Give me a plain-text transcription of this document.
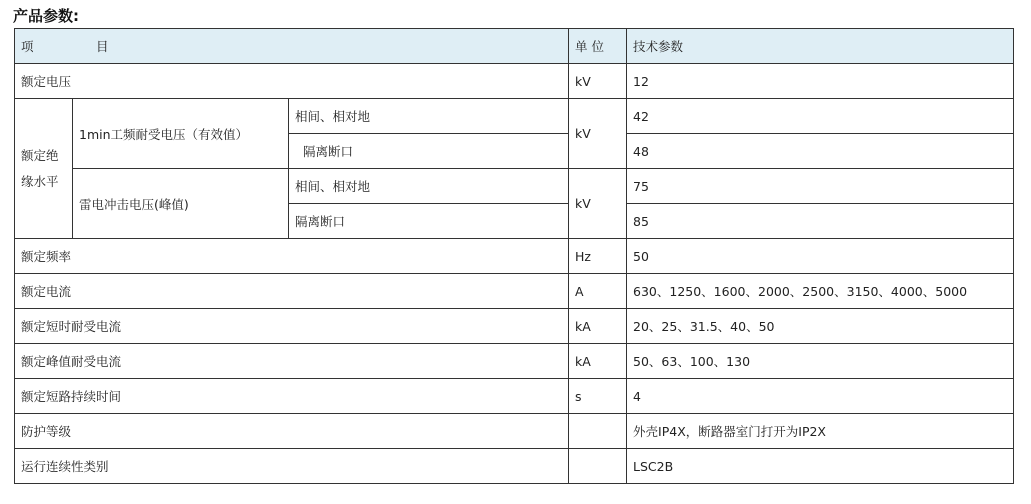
产品参数:
项　　　　　目			单 位	技术参数
额定电压			kV	12
额定绝
缘水平	1min工频耐受电压（有效值）	相间、相对地	kV	42
		隔离断口		48
	雷电冲击电压(峰值)	相间、相对地	kV	75
		隔离断口		85
额定频率			Hz	50
额定电流			A	630、1250、1600、2000、2500、3150、4000、5000
额定短时耐受电流			kA	20、25、31.5、40、50
额定峰值耐受电流			kA	50、63、100、130
额定短路持续时间			s	4
防护等级				外壳IP4X，断路器室门打开为IP2X
运行连续性类别				LSC2B
